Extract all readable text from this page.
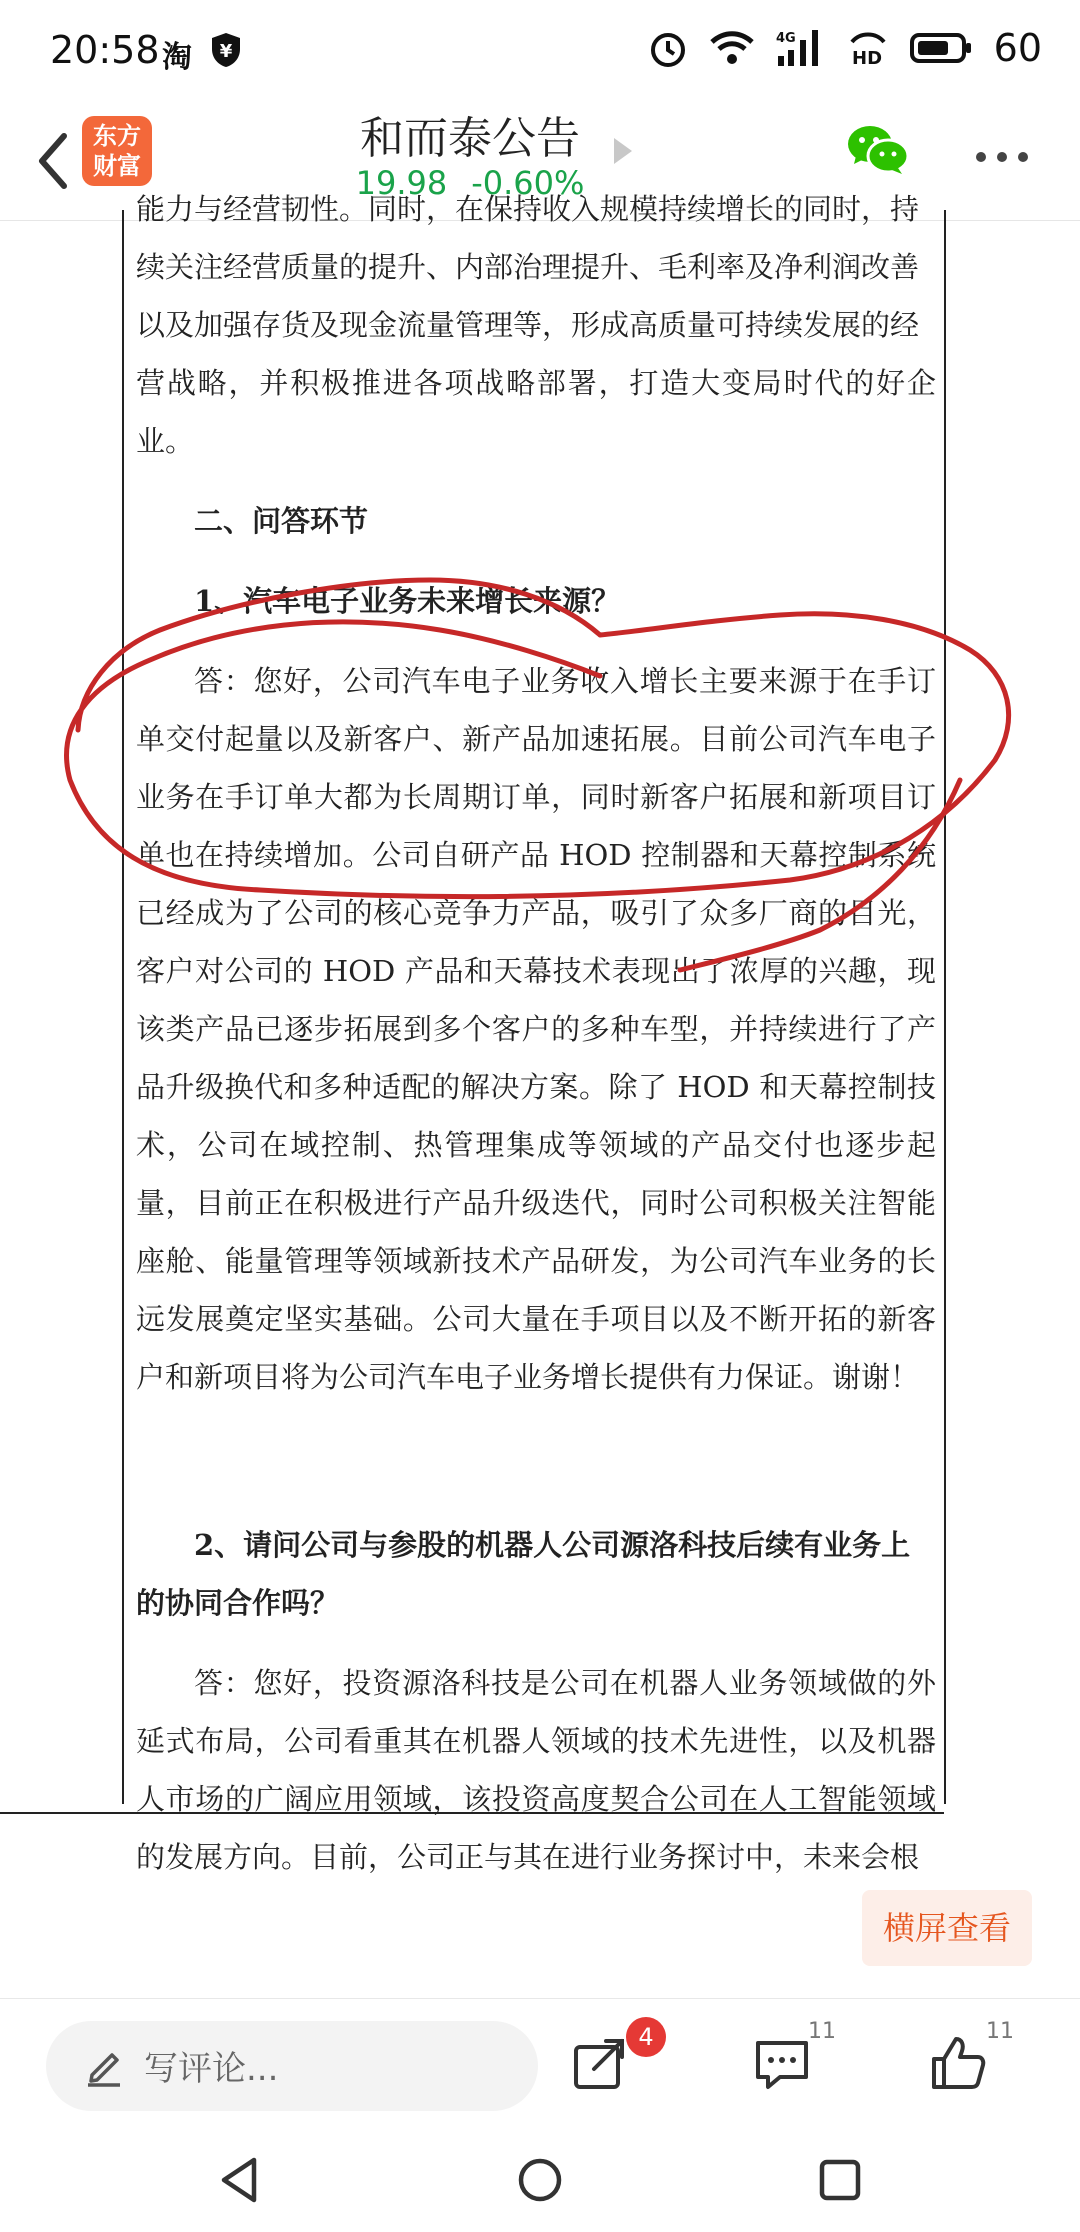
20:58 淘 ¥
4G
HD	60
东方
财富
和而泰公告
19.98 -0.60%

能力与经营韧性。同时，在保持收入规模持续增长的同时，持

续关注经营质量的提升、内部治理提升、毛利率及净利润改善

以及加强存货及现金流量管理等，形成高质量可持续发展的经

营战略，并积极推进各项战略部署，打造大变局时代的好企业。

二、问答环节

1、汽车电子业务未来增长来源？

答：您好，公司汽车电子业务收入增长主要来源于在手订单交付起量以及新客户、新产品加速拓展。目前公司汽车电子业务在手订单大都为长周期订单，同时新客户拓展和新项目订单也在持续增加。公司自研产品 HOD 控制器和天幕控制系统已经成为了公司的核心竞争力产品，吸引了众多厂商的目光，客户对公司的 HOD 产品和天幕技术表现出了浓厚的兴趣，现该类产品已逐步拓展到多个客户的多种车型，并持续进行了产品升级换代和多种适配的解决方案。除了 HOD 和天幕控制技术，公司在域控制、热管理集成等领域的产品交付也逐步起量，目前正在积极进行产品升级迭代，同时公司积极关注智能座舱、能量管理等领域新技术产品研发，为公司汽车业务的长远发展奠定坚实基础。公司大量在手项目以及不断开拓的新客户和新项目将为公司汽车电子业务增长提供有力保证。谢谢！

2、请问公司与参股的机器人公司源洛科技后续有业务上的协同合作吗？

答：您好，投资源洛科技是公司在机器人业务领域做的外延式布局，公司看重其在机器人领域的技术先进性，以及机器人市场的广阔应用领域，该投资高度契合公司在人工智能领域的发展方向。目前，公司正与其在进行业务探讨中，未来会根

横屏查看
写评论...
4	11	11
